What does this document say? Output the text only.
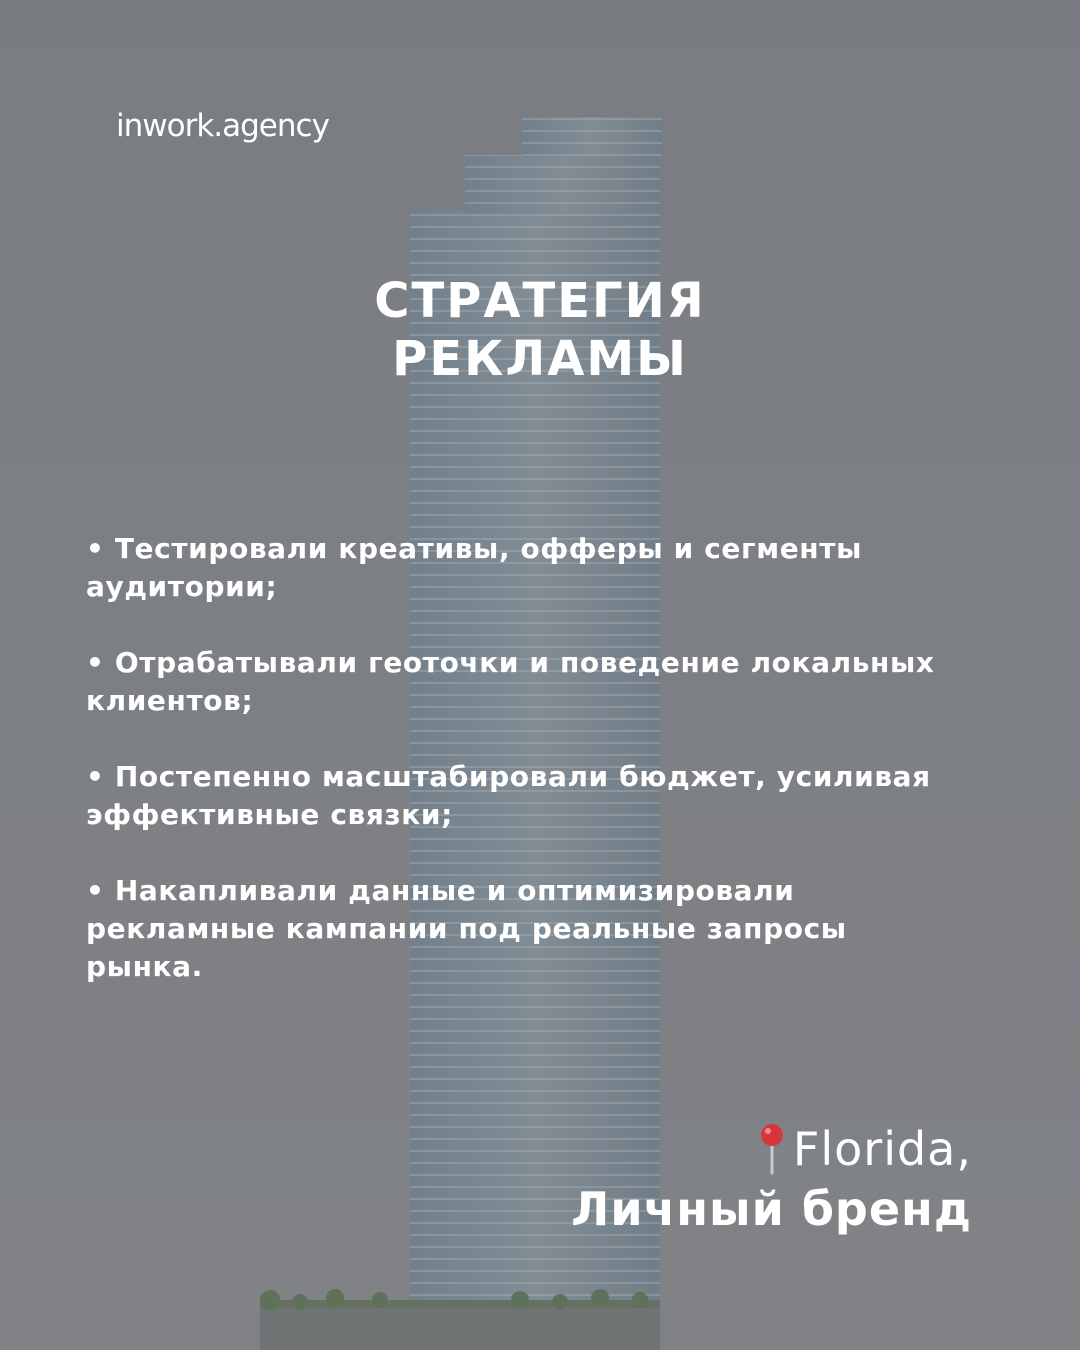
inwork.agency
СТРАТЕГИЯ
РЕКЛАМЫ

• Тестировали креативы, офферы и сегменты аудитории;

• Отрабатывали геоточки и поведение локальных клиентов;

• Постепенно масштабировали бюджет, усиливая эффективные связки;

• Накапливали данные и оптимизировали рекламные кампании под реальные запросы рынка.

Florida,
Личный бренд
